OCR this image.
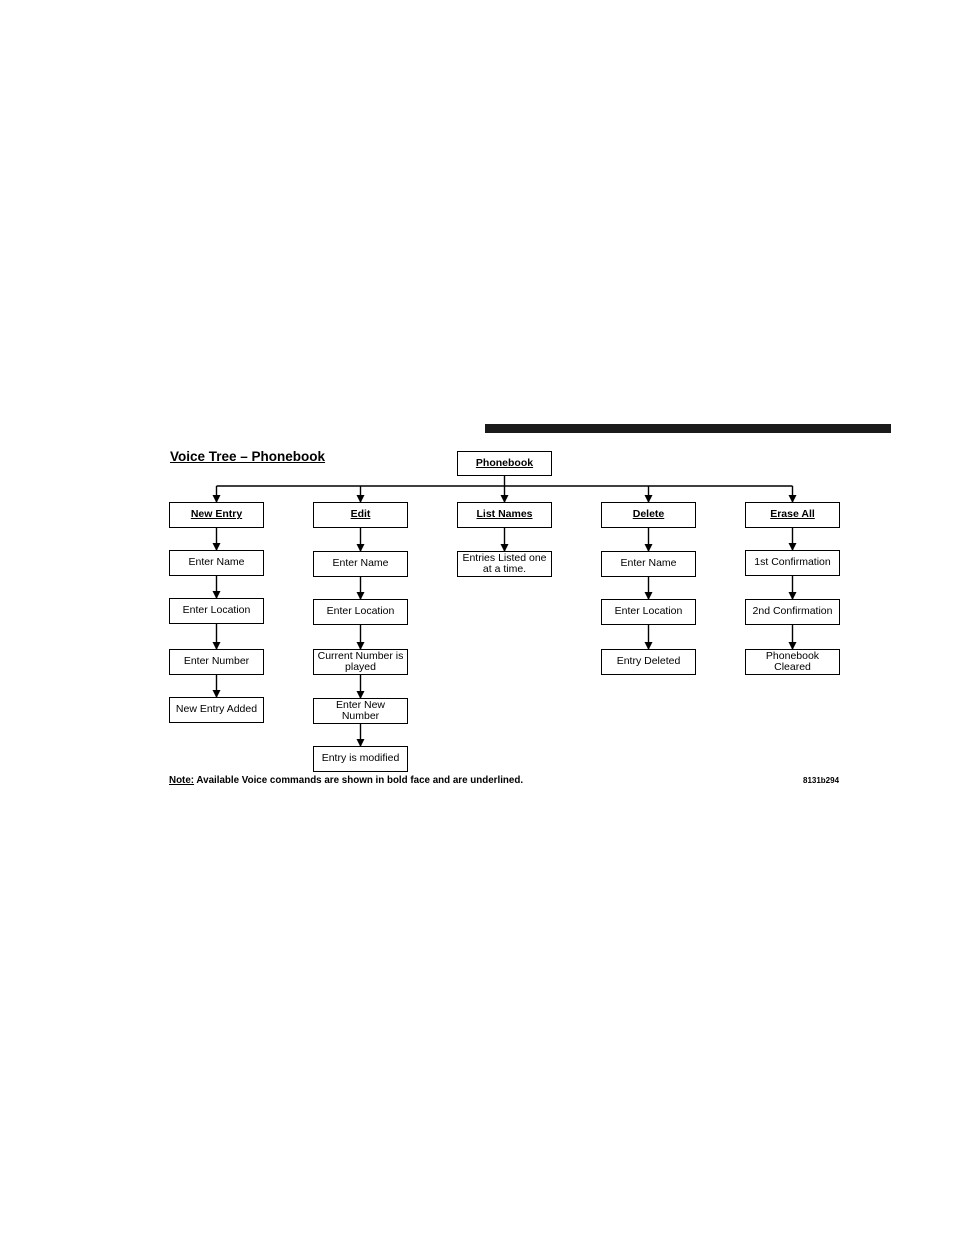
Voice Tree – Phonebook	Phonebook
New Entry
Enter Name
Enter Location
Enter Number
New Entry Added
Edit
Enter Name
Enter Location
Current Number is played
Enter New Number
Entry is modified
List Names
Entries Listed one at a time.
Delete
Enter Name
Enter Location
Entry Deleted
Erase All
1st Confirmation
2nd Confirmation
Phonebook Cleared
Note: Available Voice commands are shown in bold face and are underlined.	8131b294
